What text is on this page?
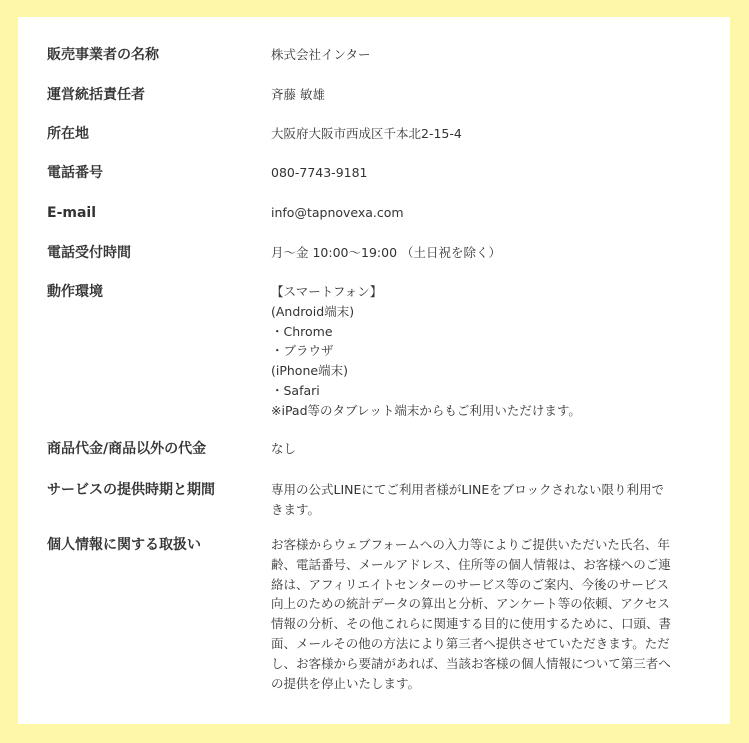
販売事業者の名称	株式会社インター
運営統括責任者	斉藤 敏雄
所在地	大阪府大阪市西成区千本北2-15-4
電話番号	080-7743-9181
E-mail	info@tapnovexa.com
電話受付時間	月～金 10:00～19:00 （土日祝を除く）
動作環境	【スマートフォン】
(Android端末)
・Chrome
・ブラウザ
(iPhone端末)
・Safari
※iPad等のタブレット端末からもご利用いただけます。
商品代金/商品以外の代金	なし
サービスの提供時期と期間	専用の公式LINEにてご利用者様がLINEをブロックされない限り利用で
きます。
個人情報に関する取扱い	お客様からウェブフォームへの入力等によりご提供いただいた氏名、年
齢、電話番号、メールアドレス、住所等の個人情報は、お客様へのご連
絡は、アフィリエイトセンターのサービス等のご案内、今後のサービス
向上のための統計データの算出と分析、アンケート等の依頼、アクセス
情報の分析、その他これらに関連する目的に使用するために、口頭、書
面、メールその他の方法により第三者へ提供させていただきます。ただ
し、お客様から要請があれば、当該お客様の個人情報について第三者へ
の提供を停止いたします。
